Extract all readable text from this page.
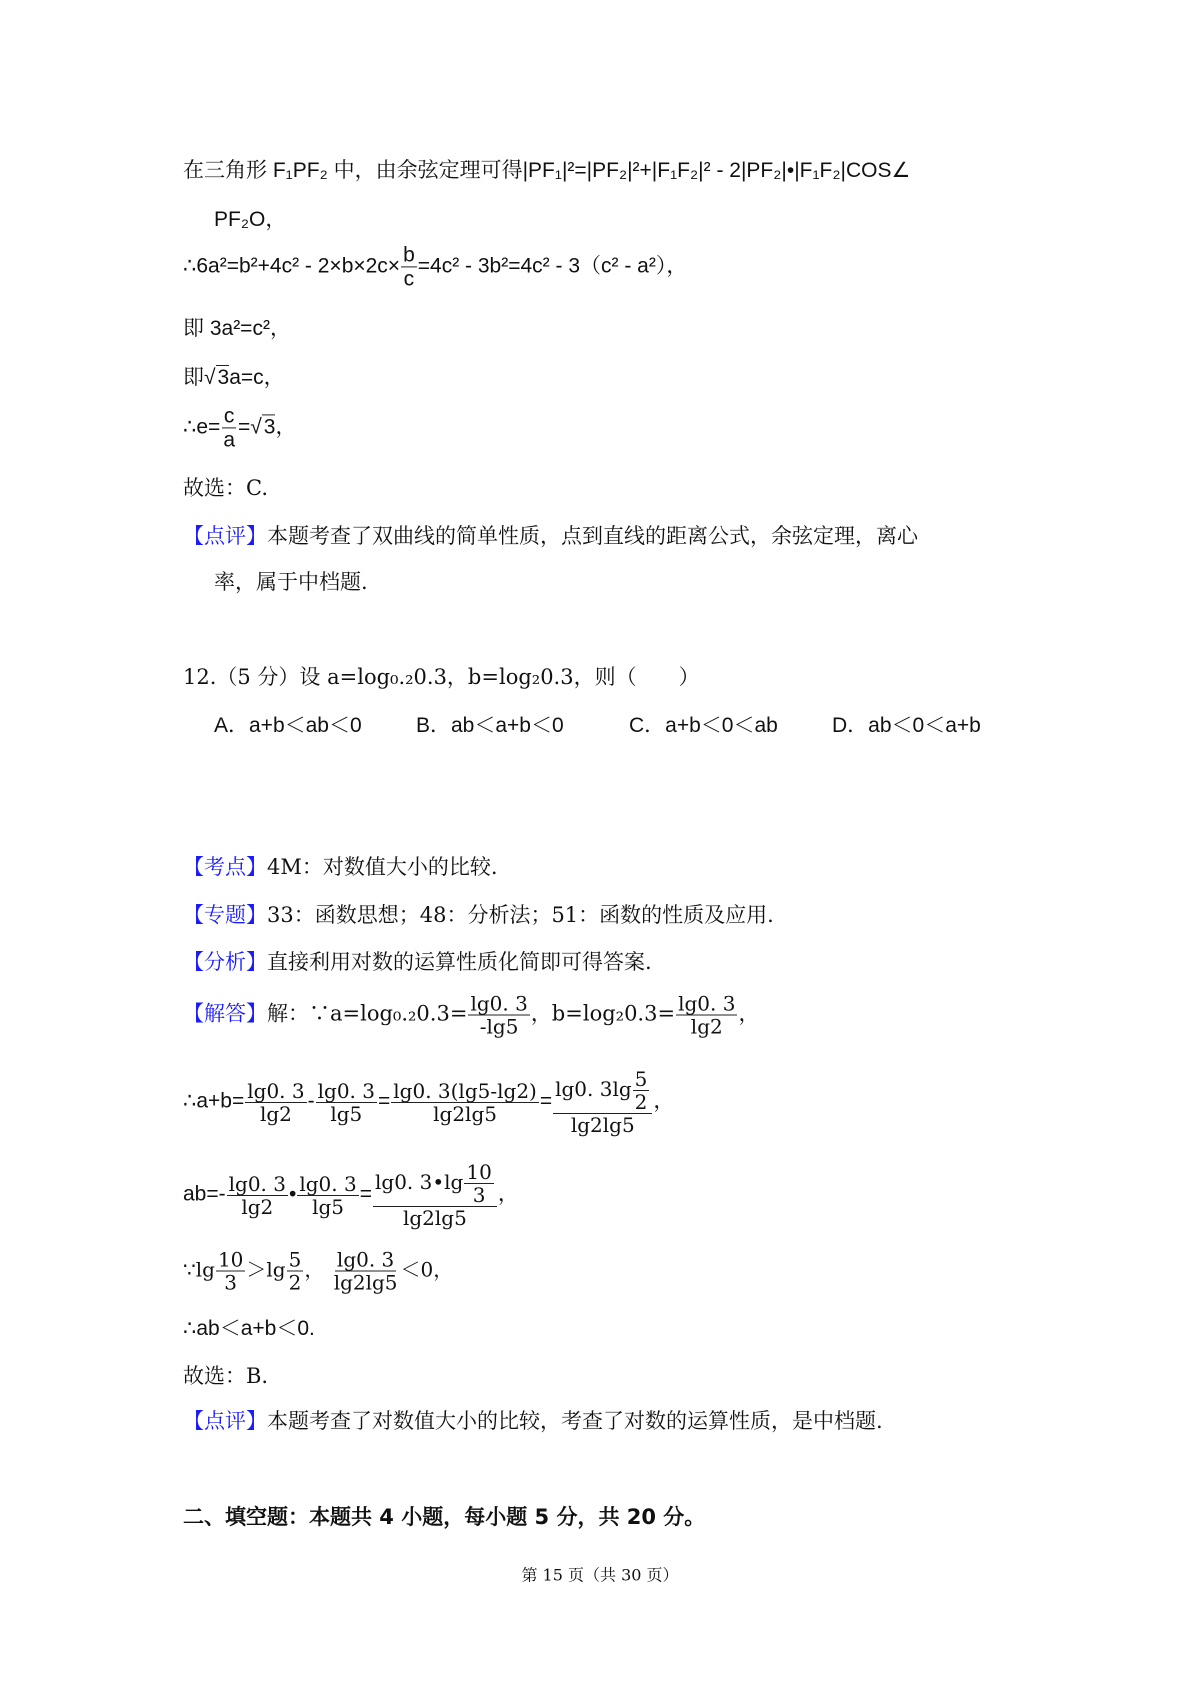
在三角形 F₁PF₂ 中，由余弦定理可得|PF₁|²=|PF₂|²+|F₁F₂|² - 2|PF₂|•|F₁F₂|COS∠
PF₂O，
∴6a²=b²+4c² - $2\times b\times 2c\times \frac{b}{c} =4c^2 - 3b^2=4c^2 - 3(c^2 - a^2)$，
即 3a²=c²，
即√3a=c，
∴e= $\frac{c}{a} =√3$，
故选：C.
【点评】本题考查了双曲线的简单性质，点到直线的距离公式，余弦定理，离心
率，属于中档题.
12.（5 分）设 a=log₀.₂0.3，b=log₂0.3，则（　　）
A．a+b＜ab＜0	B．ab＜a+b＜0	C．a+b＜0＜ab	D．ab＜0＜a+b
【考点】4M：对数值大小的比较.
【专题】33：函数思想；48：分析法；51：函数的性质及应用.
【分析】直接利用对数的运算性质化简即可得答案.
【解答】解：∵a=log₀.₂0.3= $\frac{\lg 0. 3}{-\lg 5}$ ，$b=\log_20.3= \frac{\lg 0. 3}{\lg 2}$ ，
∴a+b= $\frac{\lg 0. 3}{\lg 2} - \frac{\lg 0. 3}{\lg 5} = \frac{\lg 0. 3(\lg 5-\lg 2)}{\lg 2\lg 5} = \frac{\lg 0. 3\lg \frac{5}{2}}{\lg 2\lg 5}$ ，
$ab=- \frac{\lg 0. 3}{\lg 2}$ • $\frac{\lg 0. 3}{\lg 5} = \frac{\lg 0. 3•\lg \frac{10}{3}}{\lg 2\lg 5}$ ，
∵lg $\frac{10}{3} >\lg \frac{5}{2}$ ， $\frac{\lg 0. 3}{\lg 2\lg 5} <0$，
∴ab＜a+b＜0.
故选：B.
【点评】本题考查了对数值大小的比较，考查了对数的运算性质，是中档题.
二、填空题：本题共 4 小题，每小题 5 分，共 20 分。
第 15 页（共 30 页）
